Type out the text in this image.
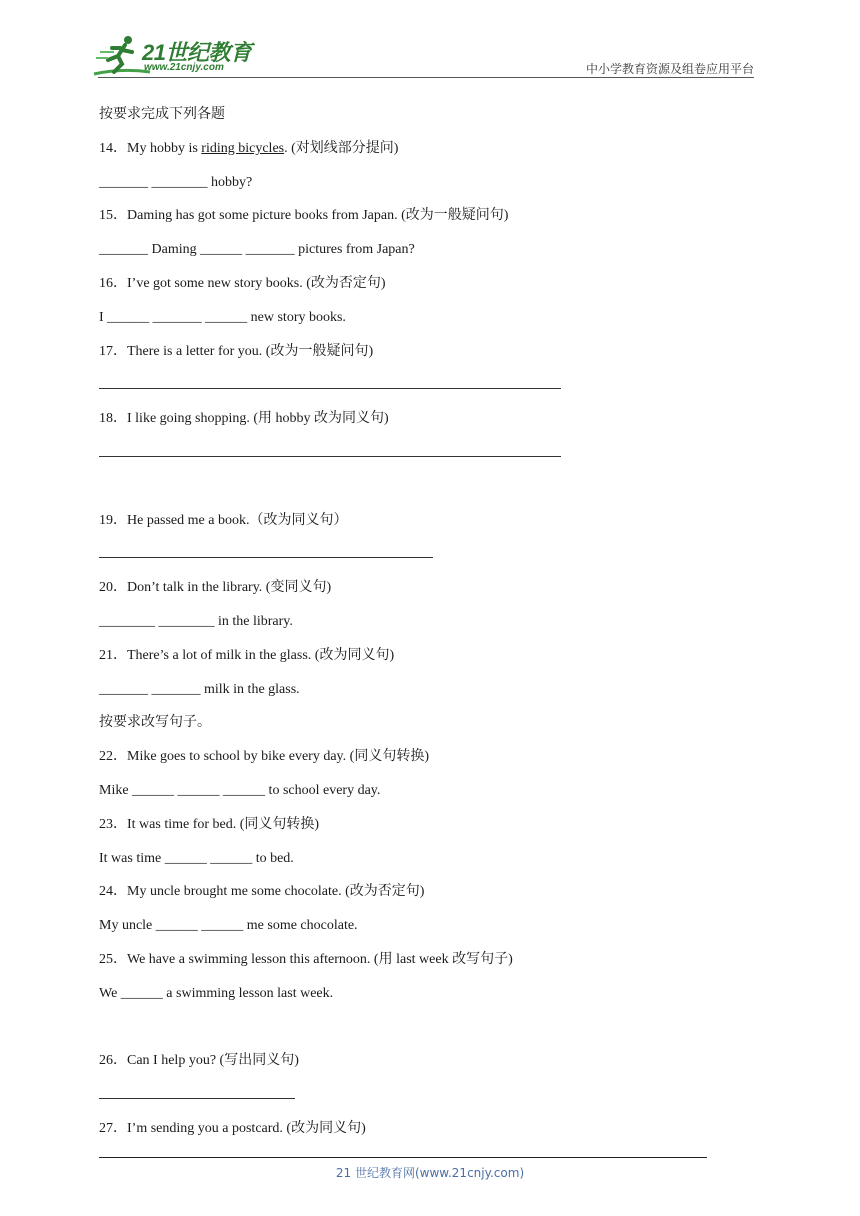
21世纪教育
www.21cnjy.com	中小学教育资源及组卷应用平台
按要求完成下列各题
14．My hobby is riding bicycles. (对划线部分提问)
_______ ________ hobby?
15．Daming has got some picture books from Japan. (改为一般疑问句)
_______ Daming ______ _______ pictures from Japan?
16．I’ve got some new story books. (改为否定句)
I ______ _______ ______ new story books.
17．There is a letter for you. (改为一般疑问句)
18．I like going shopping. (用 hobby 改为同义句)
19．He passed me a book.（改为同义句）
20．Don’t talk in the library. (变同义句)
________ ________ in the library.
21．There’s a lot of milk in the glass. (改为同义句)
_______ _______ milk in the glass.
按要求改写句子。
22．Mike goes to school by bike every day. (同义句转换)
Mike ______ ______ ______ to school every day.
23．It was time for bed. (同义句转换)
It was time ______ ______ to bed.
24．My uncle brought me some chocolate. (改为否定句)
My uncle ______ ______ me some chocolate.
25．We have a swimming lesson this afternoon. (用 last week 改写句子)
We ______ a swimming lesson last week.
26．Can I help you? (写出同义句)
27．I’m sending you a postcard. (改为同义句)
21 世纪教育网(www.21cnjy.com)
